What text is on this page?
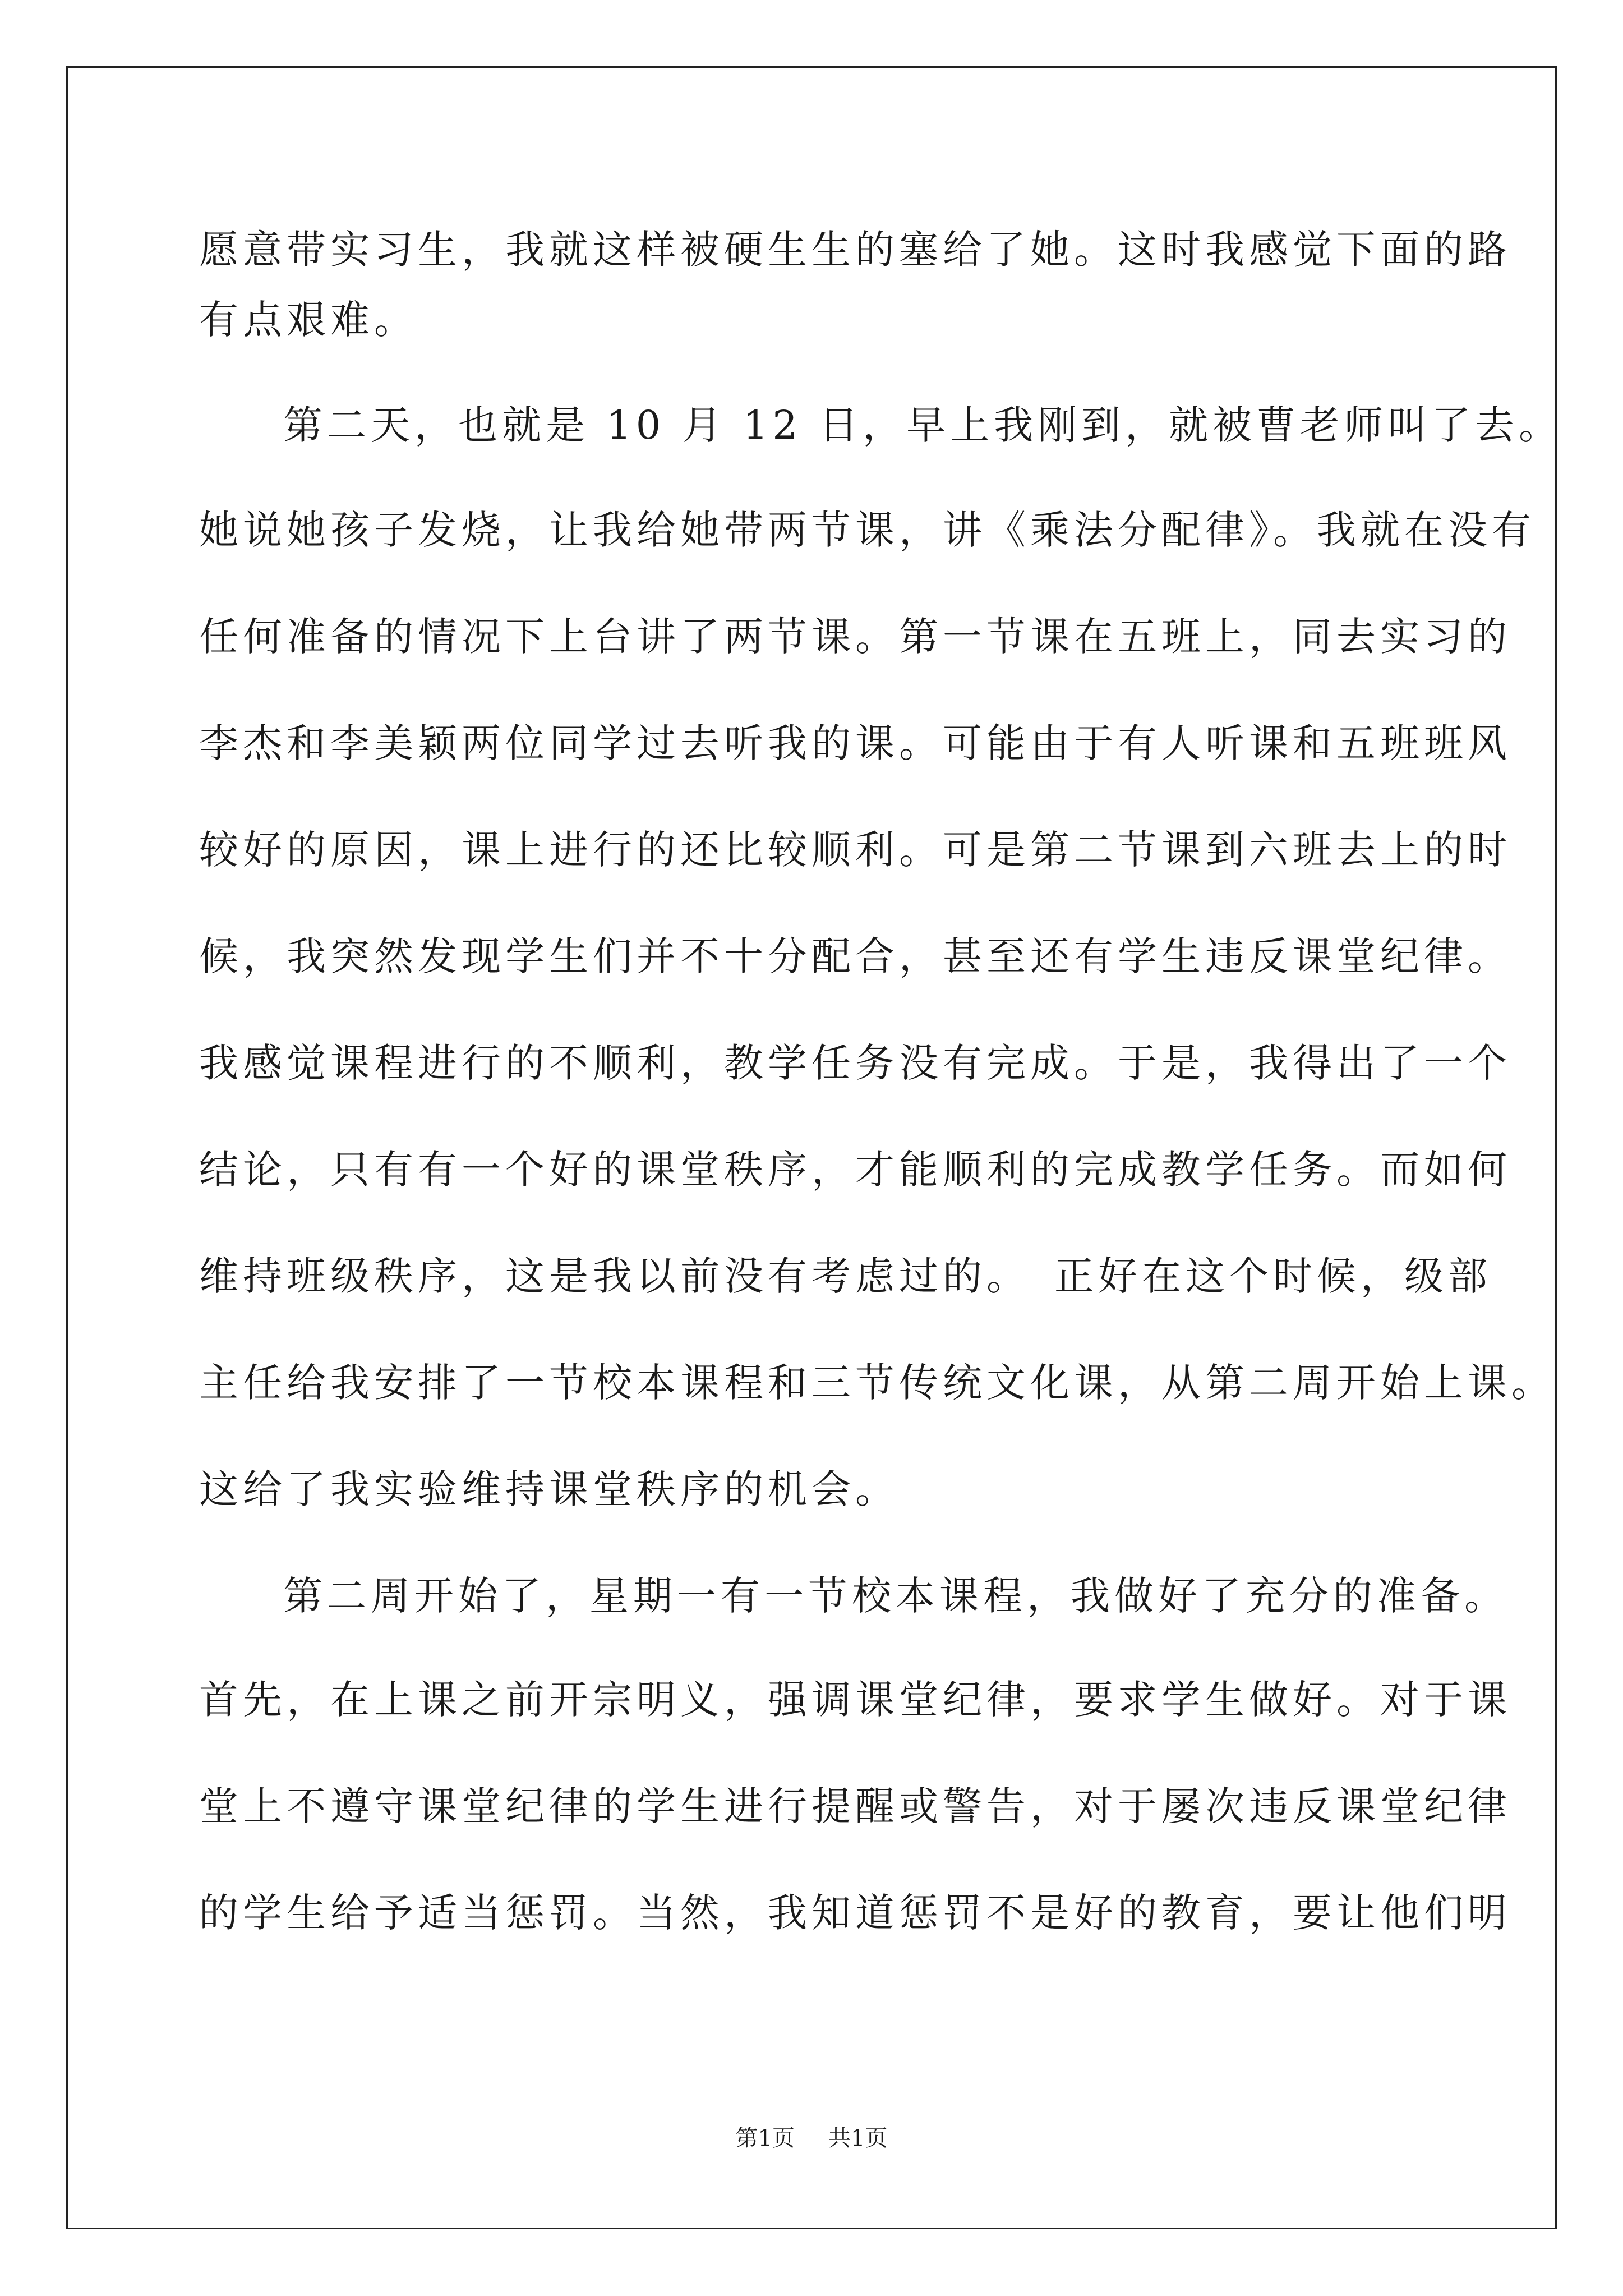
愿意带实习生，我就这样被硬生生的塞给了她。这时我感觉下面的路
有点艰难。
第二天，也就是 10 月 12 日，早上我刚到，就被曹老师叫了去。
她说她孩子发烧，让我给她带两节课，讲《乘法分配律》。我就在没有
任何准备的情况下上台讲了两节课。第一节课在五班上，同去实习的
李杰和李美颖两位同学过去听我的课。可能由于有人听课和五班班风
较好的原因，课上进行的还比较顺利。可是第二节课到六班去上的时
候，我突然发现学生们并不十分配合，甚至还有学生违反课堂纪律。
我感觉课程进行的不顺利，教学任务没有完成。于是，我得出了一个
结论，只有有一个好的课堂秩序，才能顺利的完成教学任务。而如何
维持班级秩序，这是我以前没有考虑过的。　正好在这个时候，级部
主任给我安排了一节校本课程和三节传统文化课，从第二周开始上课。
这给了我实验维持课堂秩序的机会。
第二周开始了，星期一有一节校本课程，我做好了充分的准备。
首先，在上课之前开宗明义，强调课堂纪律，要求学生做好。对于课
堂上不遵守课堂纪律的学生进行提醒或警告，对于屡次违反课堂纪律
的学生给予适当惩罚。当然，我知道惩罚不是好的教育，要让他们明
第1页 共1页
